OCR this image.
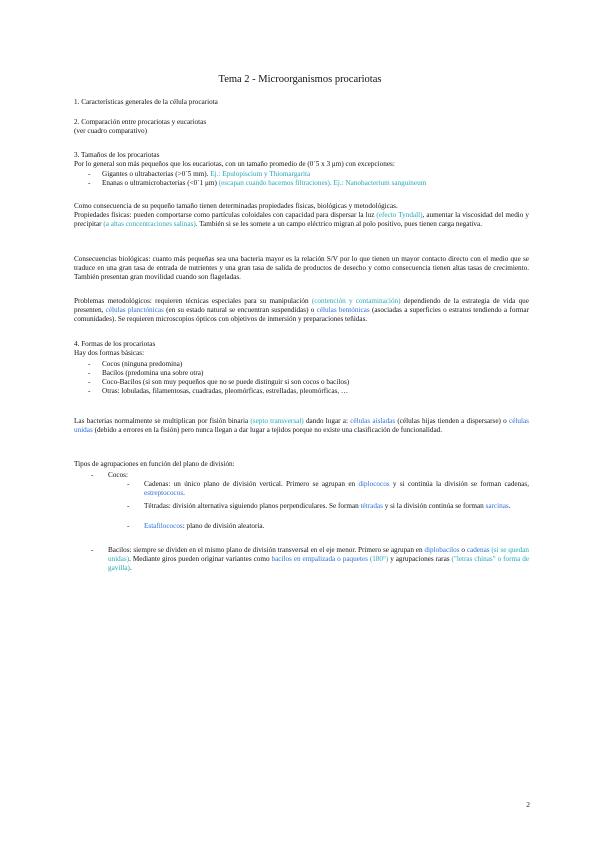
Tema 2 - Microorganismos procariotas
1. Características generales de la célula procariota
2. Comparación entre procariotas y eucariotas
(ver cuadro comparativo)
3. Tamaños de los procariotas
Por lo general son más pequeños que los eucariotas, con un tamaño promedio de (0´5 x 3 μm) con excepciones:
- Gigantes o ultrabacterias (>0´5 mm). Ej.: Epulopiscium y Thiomargarita
- Enanas o ultramicrobacterias (<0´1 μm) (escapan cuando hacemos filtraciones). Ej.: Nanobacterium sanguineum
Como consecuencia de su pequeño tamaño tienen determinadas propiedades físicas, biológicas y metodológicas.
Propiedades físicas: pueden comportarse como partículas coloidales con capacidad para dispersar la luz (efecto Tyndall), aumentar la viscosidad del medio y precipitar (a altas concentraciones salinas). También si se les somete a un campo eléctrico migran al polo positivo, pues tienen carga negativa.
Consecuencias biológicas: cuanto más pequeñas sea una bacteria mayor es la relación S/V por lo que tienen un mayor contacto directo con el medio que se traduce en una gran tasa de entrada de nutrientes y una gran tasa de salida de productos de desecho y como consecuencia tienen altas tasas de crecimiento. También presentan gran movilidad cuando son flageladas.
Problemas metodológicos: requieren técnicas especiales para su manipulación (contención y contaminación) dependiendo de la estrategia de vida que presenten, células planctónicas (en su estado natural se encuentran suspendidas) o células bentónicas (asociadas a superficies o estratos tendiendo a formar comunidades). Se requieren microscopios ópticos con objetivos de inmersión y preparaciones teñidas.
4. Formas de los procariotas
Hay dos formas básicas:
- Cocos (ninguna predomina)
- Bacilos (predomina una sobre otra)
- Coco-Bacilos (si son muy pequeños que no se puede distinguir si son cocos o bacilos)
- Otras: lobuladas, filamentosas, cuadradas, pleomórficas, estrelladas, pleomórficas, …
Las bacterias normalmente se multiplican por fisión binaria (septo transversal) dando lugar a: células aisladas (células hijas tienden a dispersarse) o células unidas (debido a errores en la fisión) pero nunca llegan a dar lugar a tejidos porque no existe una clasificación de funcionalidad.
Tipos de agrupaciones en función del plano de división:
- Cocos:
- Cadenas: un único plano de división vertical. Primero se agrupan en diplococos y si continúa la división se forman cadenas, estreptococos.
- Tétradas: división alternativa siguiendo planos perpendiculares. Se forman tétradas y si la división continúa se forman sarcinas.
- Estafilococos: plano de división aleatoria.
- Bacilos: siempre se dividen en el mismo plano de división transversal en el eje menor. Primero se agrupan en diplobacilos o cadenas (si se quedan unidas). Mediante giros pueden originar variantes como bacilos en empalizada o paquetes (180°) y agrupaciones raras ("letras chinas" o forma de gavilla).
2
